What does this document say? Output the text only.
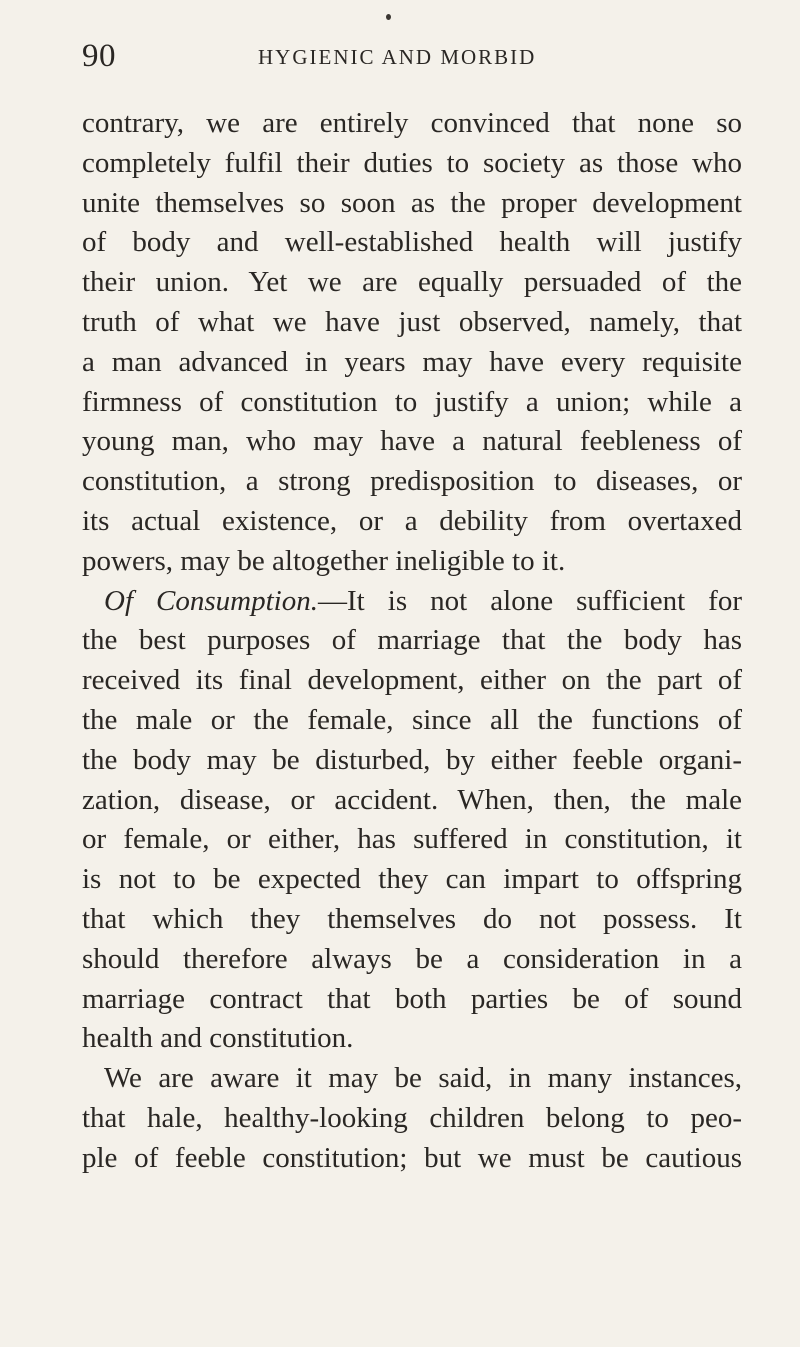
90	HYGIENIC AND MORBID
contrary, we are entirely convinced that none so
completely fulfil their duties to society as those who
unite themselves so soon as the proper development
of body and well-established health will justify
their union. Yet we are equally persuaded of the
truth of what we have just observed, namely, that
a man advanced in years may have every requisite
firmness of constitution to justify a union; while a
young man, who may have a natural feebleness of
constitution, a strong predisposition to diseases, or
its actual existence, or a debility from overtaxed
powers, may be altogether ineligible to it.
Of Consumption.—It is not alone sufficient for
the best purposes of marriage that the body has
received its final development, either on the part of
the male or the female, since all the functions of
the body may be disturbed, by either feeble organi-
zation, disease, or accident. When, then, the male
or female, or either, has suffered in constitution, it
is not to be expected they can impart to offspring
that which they themselves do not possess. It
should therefore always be a consideration in a
marriage contract that both parties be of sound
health and constitution.
We are aware it may be said, in many instances,
that hale, healthy-looking children belong to peo-
ple of feeble constitution; but we must be cautious
